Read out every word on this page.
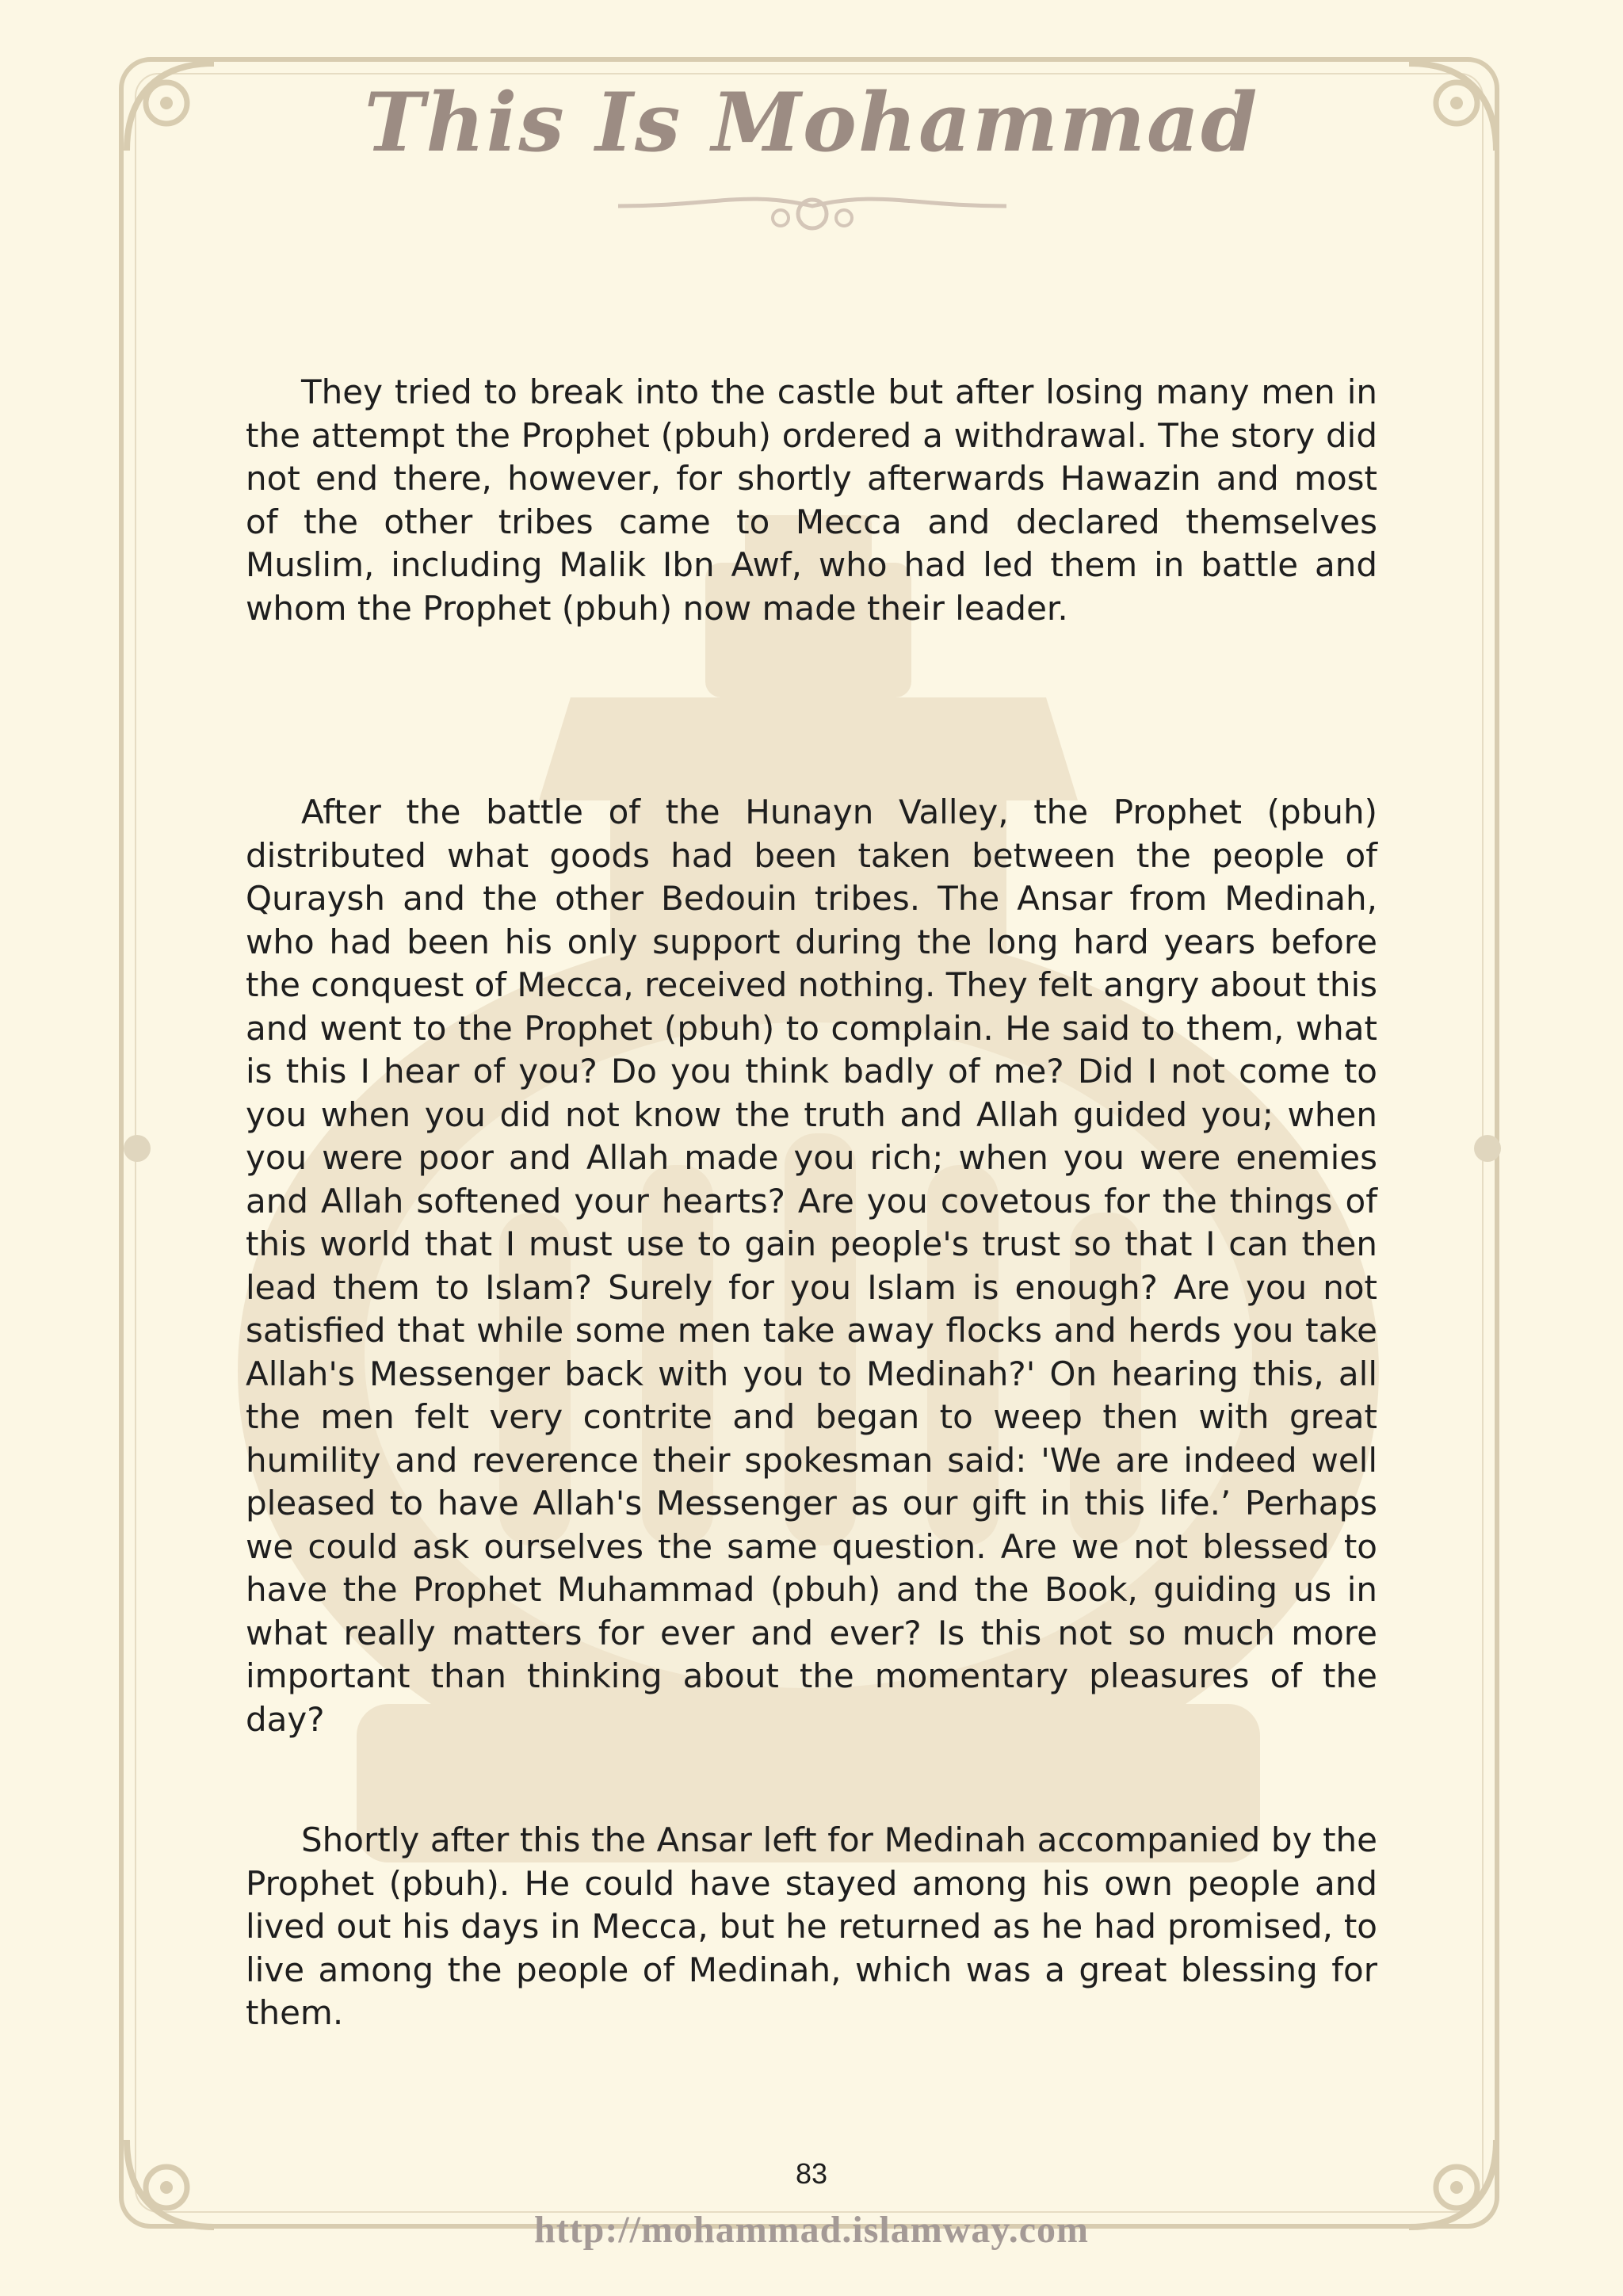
This Is Mohammad

They tried to break into the castle but after losing many men in the attempt the Prophet (pbuh) ordered a withdrawal. The story did not end there, however, for shortly afterwards Hawazin and most of the other tribes came to Mecca and declared themselves Muslim, including Malik Ibn Awf, who had led them in battle and whom the Prophet (pbuh) now made their leader.

After the battle of the Hunayn Valley, the Prophet (pbuh) distributed what goods had been taken between the people of Quraysh and the other Bedouin tribes. The Ansar from Medinah, who had been his only support during the long hard years before the conquest of Mecca, received nothing. They felt angry about this and went to the Prophet (pbuh) to complain. He said to them, what is this I hear of you? Do you think badly of me? Did I not come to you when you did not know the truth and Allah guided you; when you were poor and Allah made you rich; when you were enemies and Allah softened your hearts? Are you covetous for the things of this world that I must use to gain people's trust so that I can then lead them to Islam? Surely for you Islam is enough? Are you not satisfied that while some men take away flocks and herds you take Allah's Messenger back with you to Medinah?' On hearing this, all the men felt very contrite and began to weep then with great humility and reverence their spokesman said: 'We are indeed well pleased to have Allah's Messenger as our gift in this life.’ Perhaps we could ask ourselves the same question. Are we not blessed to have the Prophet Muhammad (pbuh) and the Book, guiding us in what really matters for ever and ever? Is this not so much more important than thinking about the momentary pleasures of the day?

Shortly after this the Ansar left for Medinah accompanied by the Prophet (pbuh). He could have stayed among his own people and lived out his days in Mecca, but he returned as he had promised, to live among the people of Medinah, which was a great blessing for them.

83
http://mohammad.islamway.com
